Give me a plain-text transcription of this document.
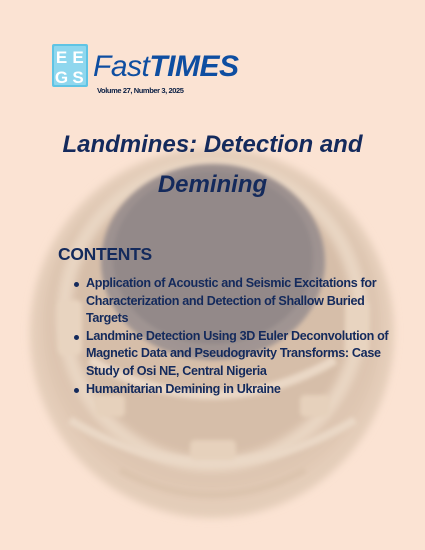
E E
G S FastTIMES
Volume 27, Number 3, 2025
Landmines: Detection and Demining
CONTENTS
Application of Acoustic and Seismic Excitations for Characterization and Detection of Shallow Buried Targets
Landmine Detection Using 3D Euler Deconvolution of Magnetic Data and Pseudogravity Transforms: Case Study of Osi NE, Central Nigeria
Humanitarian Demining in Ukraine
